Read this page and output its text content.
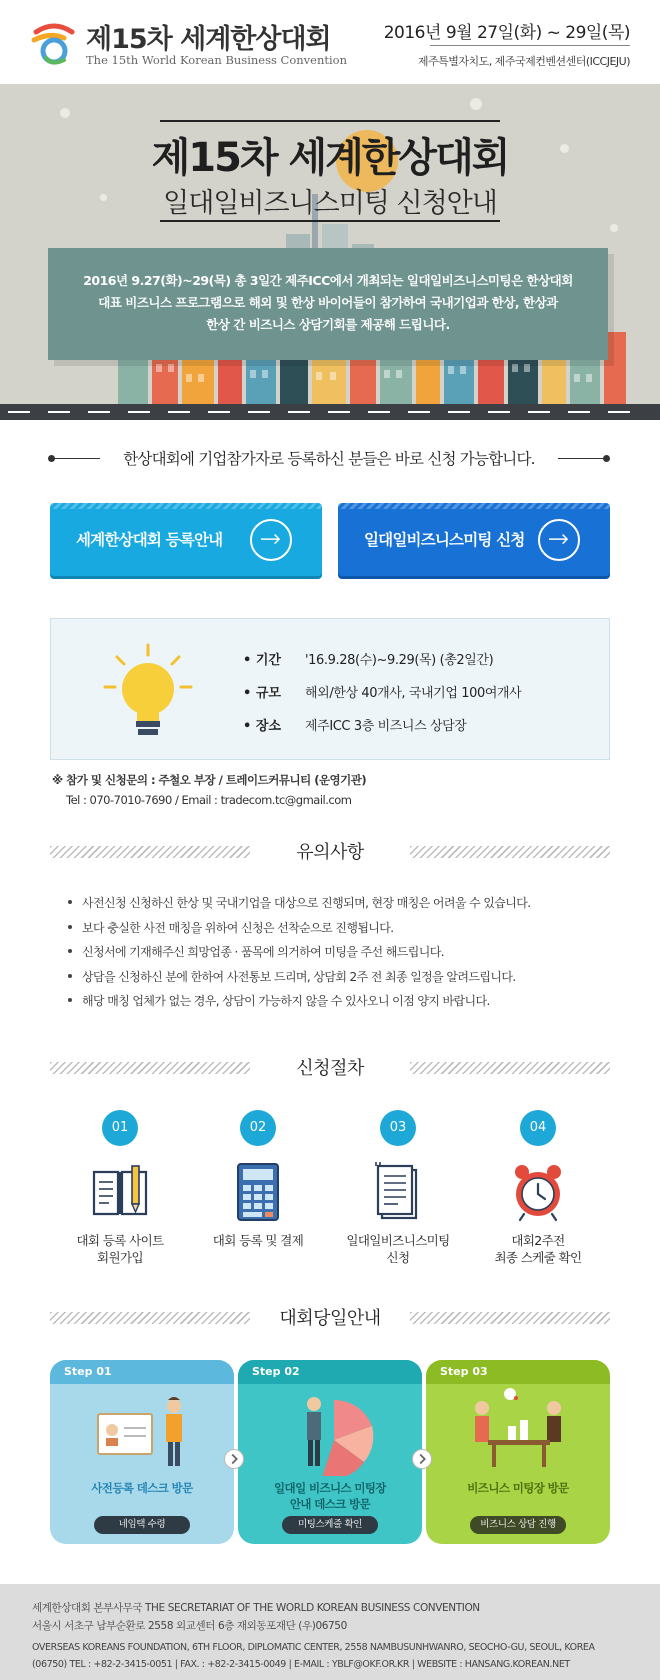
제15차 세계한상대회
The 15th World Korean Business Convention
2016년 9월 27일(화) ~ 29일(목)
제주특별자치도, 제주국제컨벤션센터(ICCJEJU)
제15차 세계한상대회
일대일비즈니스미팅 신청안내
2016년 9.27(화)~29(목) 총 3일간 제주ICC에서 개최되는 일대일비즈니스미팅은 한상대회
대표 비즈니스 프로그램으로 해외 및 한상 바이어들이 참가하여 국내기업과 한상, 한상과
한상 간 비즈니스 상담기회를 제공해 드립니다.
한상대회에 기업참가자로 등록하신 분들은 바로 신청 가능합니다.
세계한상대회 등록안내	일대일비즈니스미팅 신청
• 기간	'16.9.28(수)~9.29(목) (총2일간)
• 규모	해외/한상 40개사, 국내기업 100여개사
• 장소	제주ICC 3층 비즈니스 상담장
※ 참가 및 신청문의 : 주철오 부장 / 트레이드커뮤니티 (운영기관)
Tel : 070-7010-7690 / Email : tradecom.tc@gmail.com
유의사항
사전신청 신청하신 한상 및 국내기업을 대상으로 진행되며, 현장 매칭은 어려울 수 있습니다.
보다 충실한 사전 매칭을 위하여 신청은 선착순으로 진행됩니다.
신청서에 기재해주신 희망업종 · 품목에 의거하여 미팅을 주선 해드립니다.
상담을 신청하신 분에 한하여 사전통보 드리며, 상담회 2주 전 최종 일정을 알려드립니다.
해당 매칭 업체가 없는 경우, 상담이 가능하지 않을 수 있사오니 이점 양지 바랍니다.
신청절차
01
대회 등록 사이트
회원가입
02
대회 등록 및 결제
03
일대일비즈니스미팅
신청
04
대회2주전
최종 스케줄 확인
대회당일안내
Step 01
사전등록 데스크 방문
네임택 수령
Step 02
일대일 비즈니스 미팅장
안내 데스크 방문
미팅스케줄 확인
Step 03
비즈니스 미팅장 방문
비즈니스 상담 진행
세계한상대회 본부사무국 THE SECRETARIAT OF THE WORLD KOREAN BUSINESS CONVENTION
서울시 서초구 남부순환로 2558 외교센터 6층 재외동포재단 (우)06750
OVERSEAS KOREANS FOUNDATION, 6TH FLOOR, DIPLOMATIC CENTER, 2558 NAMBUSUNHWANRO, SEOCHO-GU, SEOUL, KOREA
(06750) TEL : +82-2-3415-0051 | FAX. : +82-2-3415-0049 | E-MAIL : YBLF@OKF.OR.KR | WEBSITE : HANSANG.KOREAN.NET
